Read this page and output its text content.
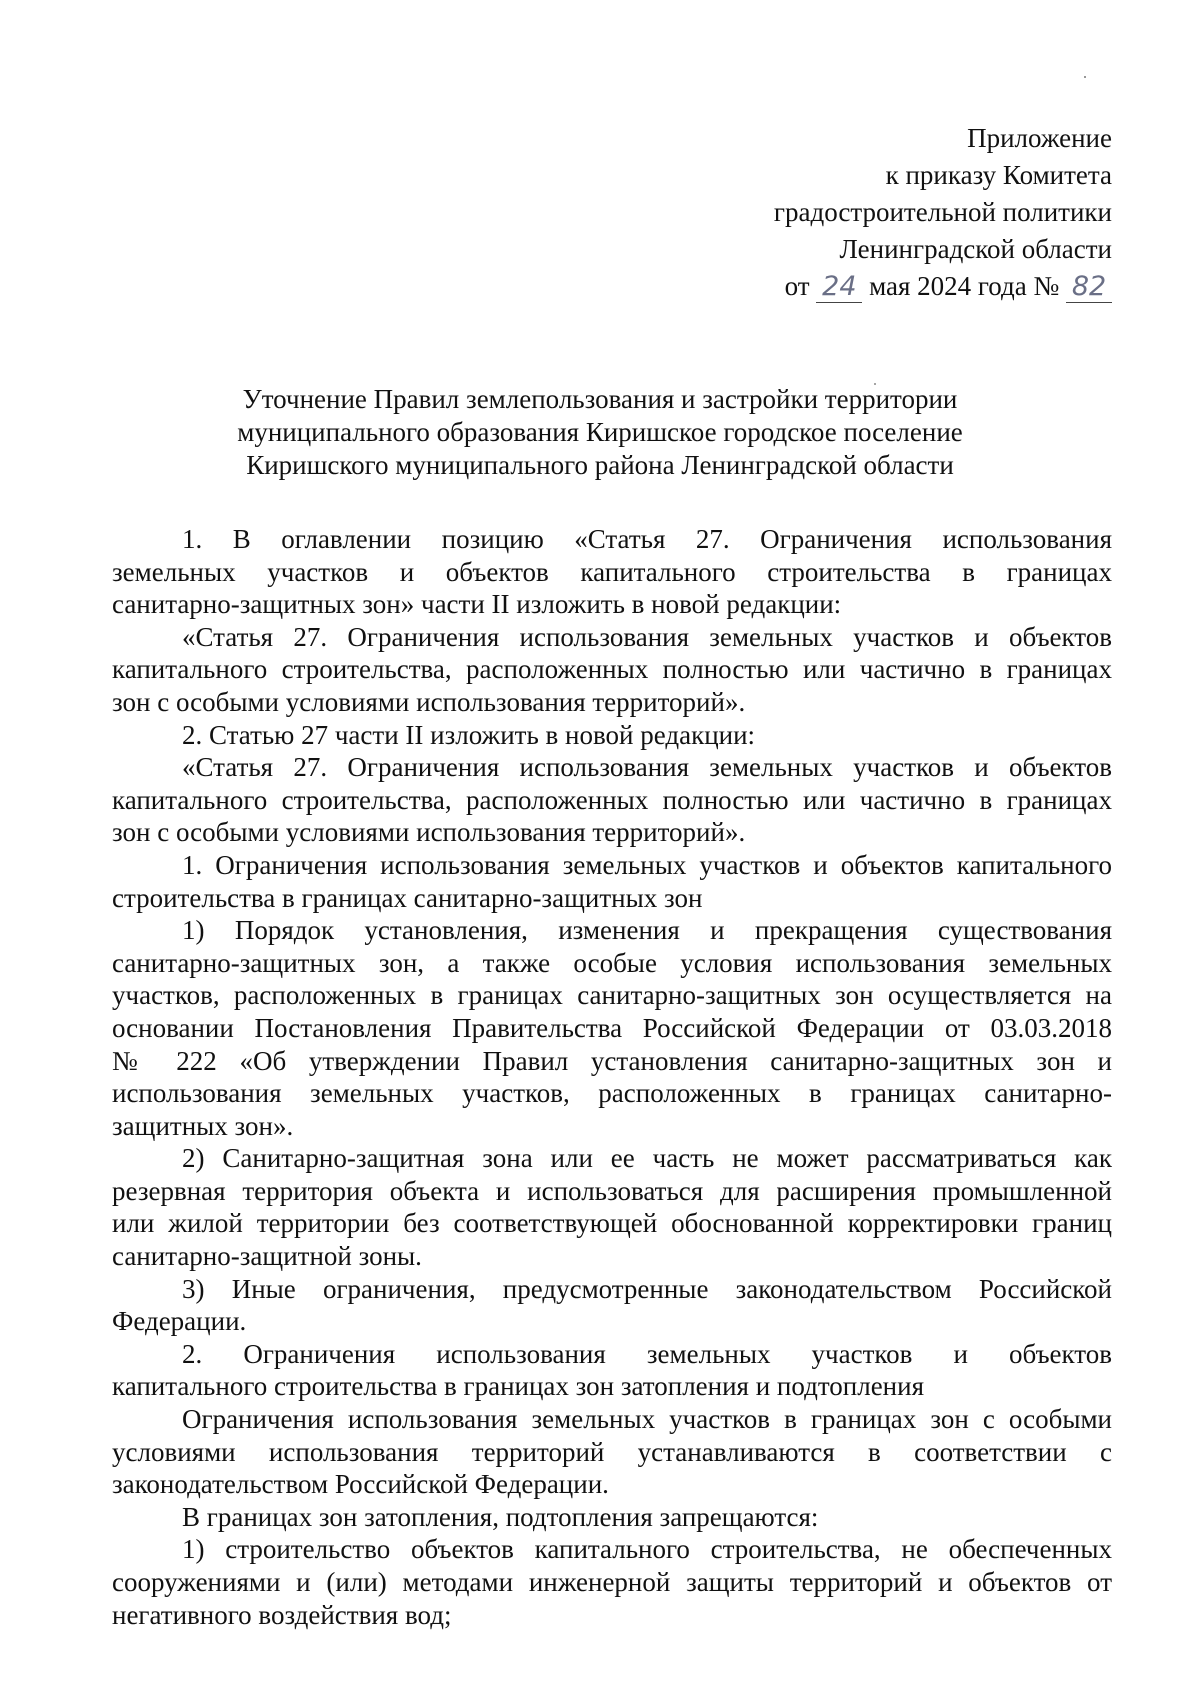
Приложение
к приказу Комитета
градостроительной политики
Ленинградской области
от 24 мая 2024 года № 82
Уточнение Правил землепользования и застройки территории
муниципального образования Киришское городское поселение
Киришского муниципального района Ленинградской области
1. В оглавлении позицию «Статья 27. Ограничения использования
земельных участков и объектов капитального строительства в границах
санитарно-защитных зон» части II изложить в новой редакции:
«Статья 27. Ограничения использования земельных участков и объектов
капитального строительства, расположенных полностью или частично в границах
зон с особыми условиями использования территорий».
2. Статью 27 части II изложить в новой редакции:
«Статья 27. Ограничения использования земельных участков и объектов
капитального строительства, расположенных полностью или частично в границах
зон с особыми условиями использования территорий».
1. Ограничения использования земельных участков и объектов капитального
строительства в границах санитарно-защитных зон
1) Порядок установления, изменения и прекращения существования
санитарно-защитных зон, а также особые условия использования земельных
участков, расположенных в границах санитарно-защитных зон осуществляется на
основании Постановления Правительства Российской Федерации от 03.03.2018
№ 222 «Об утверждении Правил установления санитарно-защитных зон и
использования земельных участков, расположенных в границах санитарно-
защитных зон».
2) Санитарно-защитная зона или ее часть не может рассматриваться как
резервная территория объекта и использоваться для расширения промышленной
или жилой территории без соответствующей обоснованной корректировки границ
санитарно-защитной зоны.
3) Иные ограничения, предусмотренные законодательством Российской
Федерации.
2. Ограничения использования земельных участков и объектов
капитального строительства в границах зон затопления и подтопления
Ограничения использования земельных участков в границах зон с особыми
условиями использования территорий устанавливаются в соответствии с
законодательством Российской Федерации.
В границах зон затопления, подтопления запрещаются:
1) строительство объектов капитального строительства, не обеспеченных
сооружениями и (или) методами инженерной защиты территорий и объектов от
негативного воздействия вод;
